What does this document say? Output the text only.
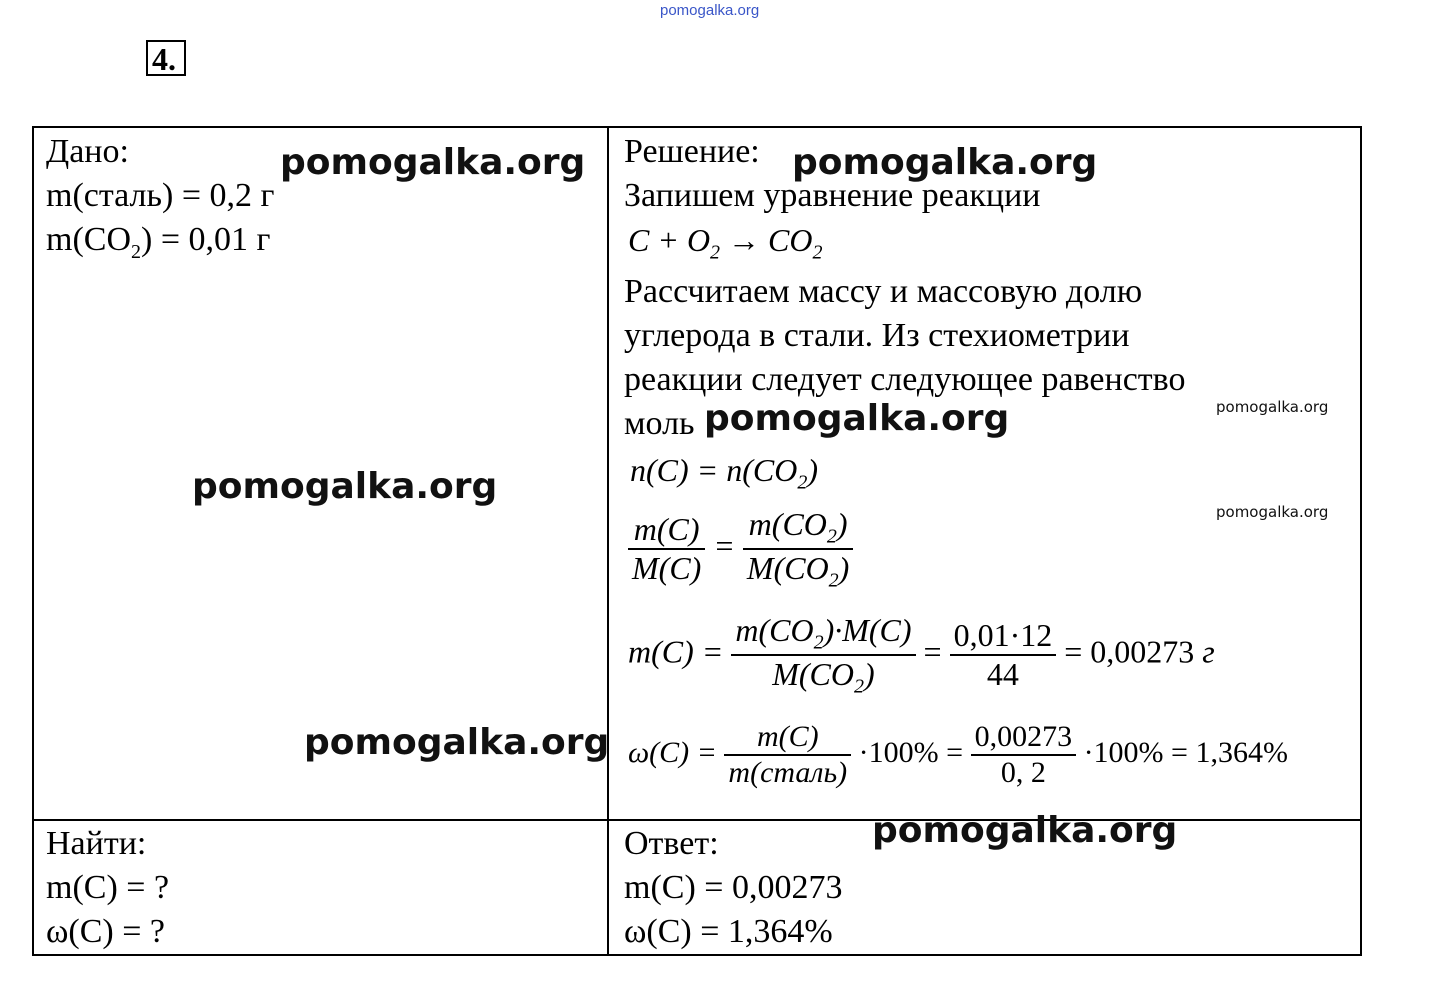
pomogalka.org
4.
Дано:
m(сталь) = 0,2 г
$m(CO_2) = 0,01$ г
Найти:
m(C) = ?
ω(C) = ?
Решение:
Запишем уравнение реакции
$C + O_2 \to CO_2$
Рассчитаем массу и массовую долю
углерода в стали. Из стехиометрии
реакции следует следующее равенство
моль
$n(C) = n(CO_2)$
$\frac{m(C)}{M(C)} = \frac{m(CO_2)}{M(CO_2)}$
$m(C) = \frac{m(CO_2)\cdot M(C)}{M(CO_2)} = \frac{0,01\cdot 12}{44} = 0,00273$ г
$\omega(C) = \frac{m(C)}{\text{m(сталь)}} \cdot 100\% = \frac{0,00273}{0, 2} \cdot 100\% = 1,364\%$
Ответ:
m(C) = 0,00273
ω(C) = 1,364%
pomogalka.org	pomogalka.org
pomogalka.org	pomogalka.org
pomogalka.org
pomogalka.org
pomogalka.org
pomogalka.org
